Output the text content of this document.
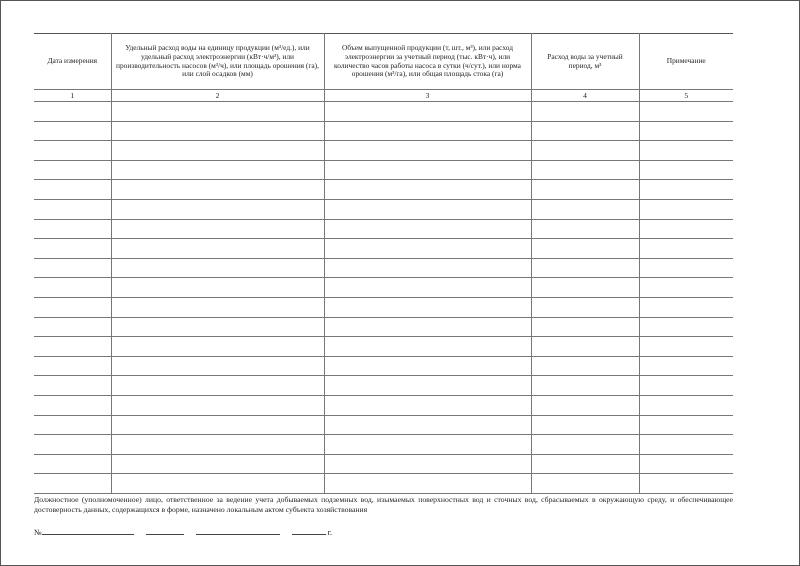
Дата измерения	Удельный расход воды на единицу продукции (м³/ед.), или удельный расход электроэнергии (кВт·ч/м³), или производительность насосов (м³/ч), или площадь орошения (га), или слой осадков (мм)	Объем выпущенной продукции (т, шт., м³), или расход электроэнергии за учетный период (тыс. кВт·ч), или количество часов работы насоса в сутки (ч/сут.), или норма орошения (м³/га), или общая площадь стока (га)	Расход воды за учетный период, м³	Примечание
1	2	3	4	5

Должностное (уполномоченное) лицо, ответственное за ведение учета добываемых подземных вод, изымаемых поверхностных вод и сточных вод, сбрасываемых в окружающую среду, и обеспечивающее достоверность данных, содержащихся в форме, назначено локальным актом субъекта хозяйствования
№	г.
